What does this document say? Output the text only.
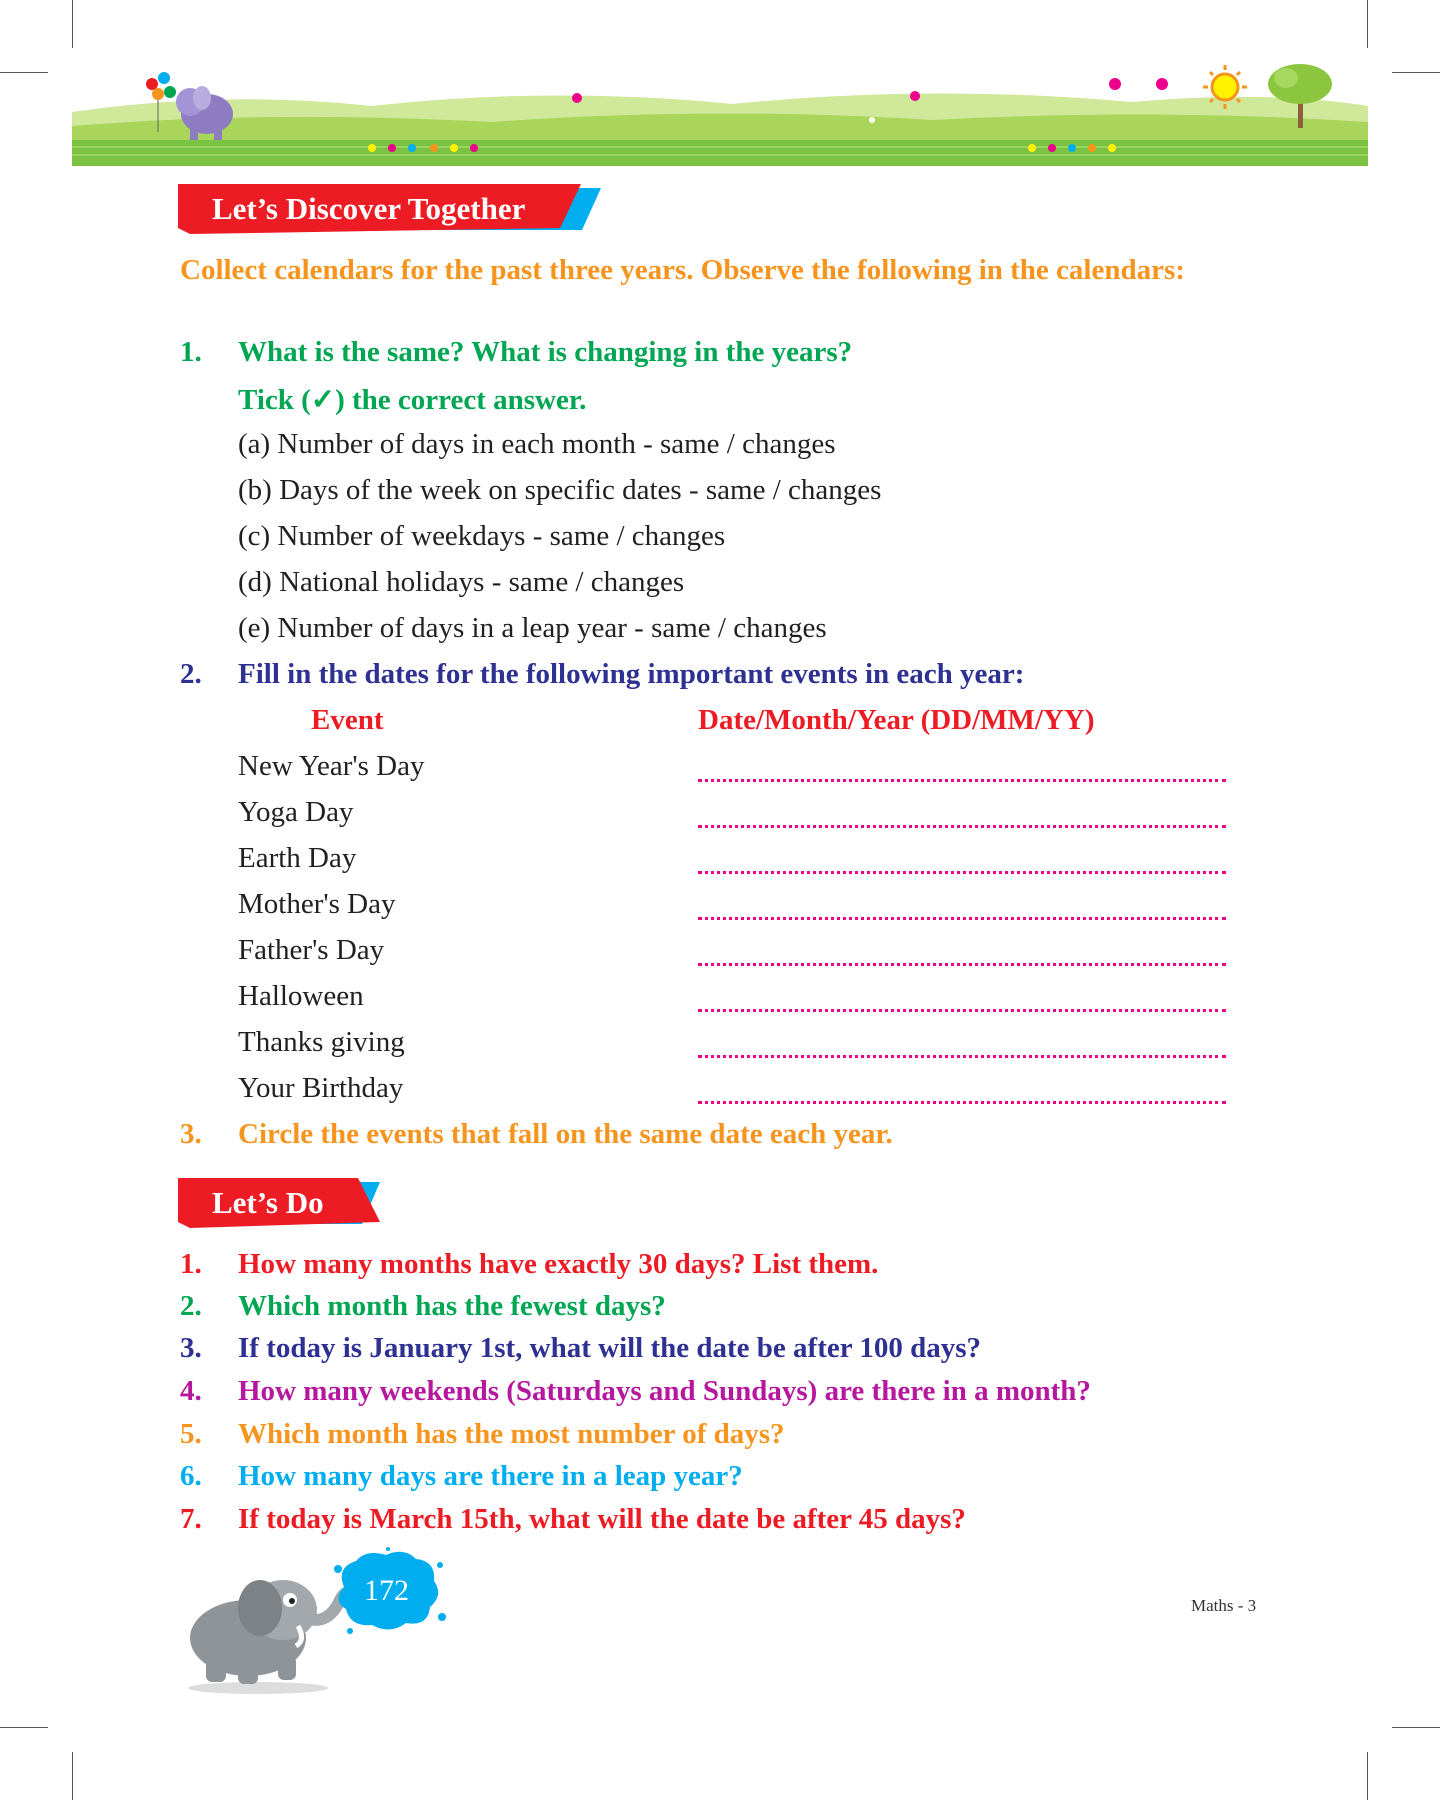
Let’s Discover Together
Collect calendars for the past three years. Observe the following in the calendars:
1. What is the same? What is changing in the years?
Tick (✓) the correct answer.
(a) Number of days in each month - same / changes
(b) Days of the week on specific dates - same / changes
(c) Number of weekdays - same / changes
(d) National holidays - same / changes
(e) Number of days in a leap year - same / changes
2. Fill in the dates for the following important events in each year:
Event	Date/Month/Year (DD/MM/YY)
New Year's Day
Yoga Day
Earth Day
Mother's Day
Father's Day
Halloween
Thanks giving
Your Birthday
3. Circle the events that fall on the same date each year.
Let’s Do
1. How many months have exactly 30 days? List them.
2. Which month has the fewest days?
3. If today is January 1st, what will the date be after 100 days?
4. How many weekends (Saturdays and Sundays) are there in a month?
5. Which month has the most number of days?
6. How many days are there in a leap year?
7. If today is March 15th, what will the date be after 45 days?
172	Maths - 3
